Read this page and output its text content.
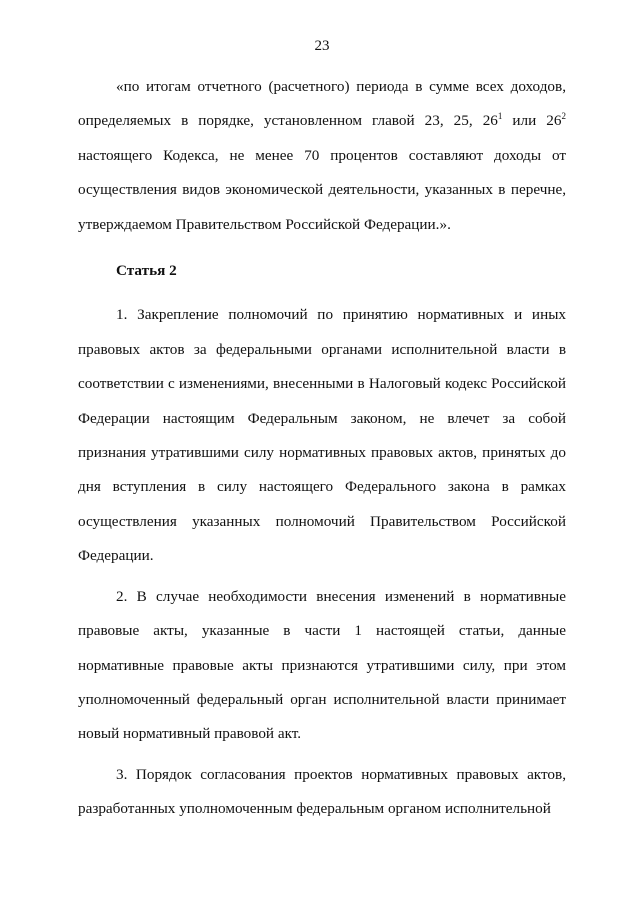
23

«по итогам отчетного (расчетного) периода в сумме всех доходов, определяемых в порядке, установленном главой 23, 25, $26^1$ или $26^2$ настоящего Кодекса, не менее 70 процентов составляют доходы от осуществления видов экономической деятельности, указанных в перечне, утверждаемом Правительством Российской Федерации.».

Статья 2

1. Закрепление полномочий по принятию нормативных и иных правовых актов за федеральными органами исполнительной власти в соответствии с изменениями, внесенными в Налоговый кодекс Российской Федерации настоящим Федеральным законом, не влечет за собой признания утратившими силу нормативных правовых актов, принятых до дня вступления в силу настоящего Федерального закона в рамках осуществления указанных полномочий Правительством Российской Федерации.

2. В случае необходимости внесения изменений в нормативные правовые акты, указанные в части 1 настоящей статьи, данные нормативные правовые акты признаются утратившими силу, при этом уполномоченный федеральный орган исполнительной власти принимает новый нормативный правовой акт.

3. Порядок согласования проектов нормативных правовых актов, разработанных уполномоченным федеральным органом исполнительной
